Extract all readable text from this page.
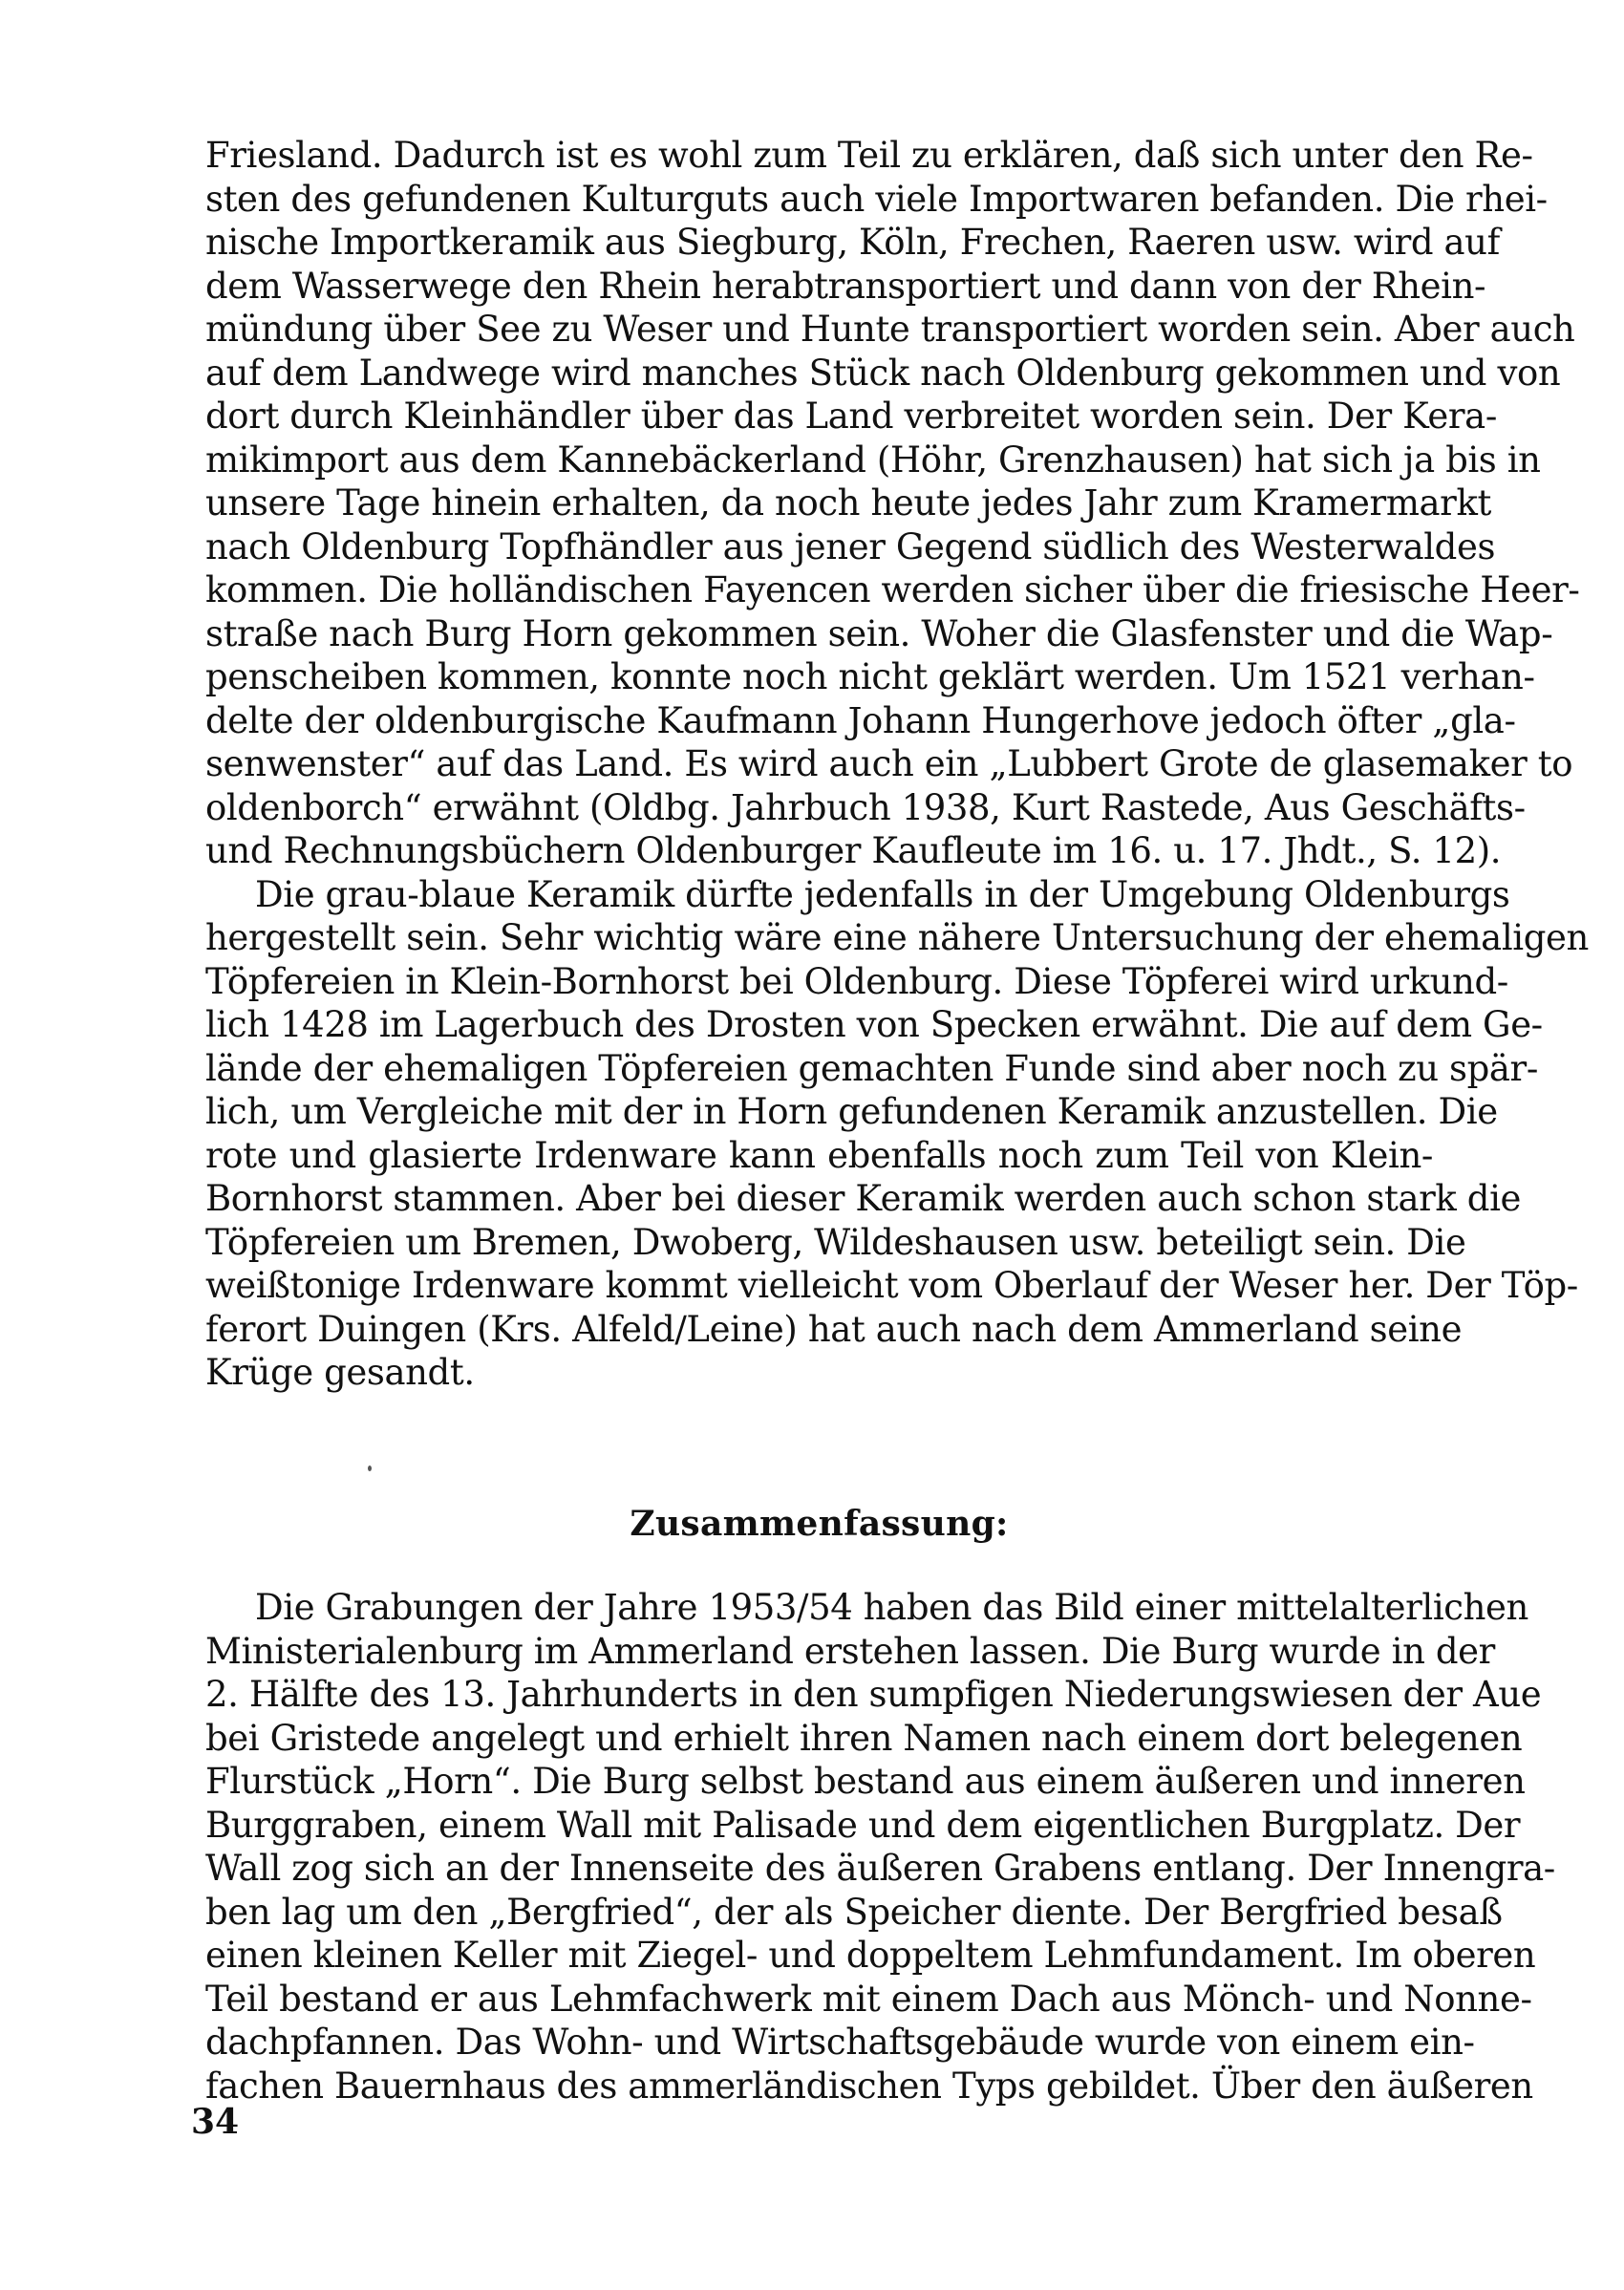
Friesland. Dadurch ist es wohl zum Teil zu erklären, daß sich unter den Re-
sten des gefundenen Kulturguts auch viele Importwaren befanden. Die rhei-
nische Importkeramik aus Siegburg, Köln, Frechen, Raeren usw. wird auf
dem Wasserwege den Rhein herabtransportiert und dann von der Rhein-
mündung über See zu Weser und Hunte transportiert worden sein. Aber auch
auf dem Landwege wird manches Stück nach Oldenburg gekommen und von
dort durch Kleinhändler über das Land verbreitet worden sein. Der Kera-
mikimport aus dem Kannebäckerland (Höhr, Grenzhausen) hat sich ja bis in
unsere Tage hinein erhalten, da noch heute jedes Jahr zum Kramermarkt
nach Oldenburg Topfhändler aus jener Gegend südlich des Westerwaldes
kommen. Die holländischen Fayencen werden sicher über die friesische Heer-
straße nach Burg Horn gekommen sein. Woher die Glasfenster und die Wap-
penscheiben kommen, konnte noch nicht geklärt werden. Um 1521 verhan-
delte der oldenburgische Kaufmann Johann Hungerhove jedoch öfter „gla-
senwenster“ auf das Land. Es wird auch ein „Lubbert Grote de glasemaker to
oldenborch“ erwähnt (Oldbg. Jahrbuch 1938, Kurt Rastede, Aus Geschäfts-
und Rechnungsbüchern Oldenburger Kaufleute im 16. u. 17. Jhdt., S. 12).
Die grau-blaue Keramik dürfte jedenfalls in der Umgebung Oldenburgs
hergestellt sein. Sehr wichtig wäre eine nähere Untersuchung der ehemaligen
Töpfereien in Klein-Bornhorst bei Oldenburg. Diese Töpferei wird urkund-
lich 1428 im Lagerbuch des Drosten von Specken erwähnt. Die auf dem Ge-
lände der ehemaligen Töpfereien gemachten Funde sind aber noch zu spär-
lich, um Vergleiche mit der in Horn gefundenen Keramik anzustellen. Die
rote und glasierte Irdenware kann ebenfalls noch zum Teil von Klein-
Bornhorst stammen. Aber bei dieser Keramik werden auch schon stark die
Töpfereien um Bremen, Dwoberg, Wildeshausen usw. beteiligt sein. Die
weißtonige Irdenware kommt vielleicht vom Oberlauf der Weser her. Der Töp-
ferort Duingen (Krs. Alfeld/Leine) hat auch nach dem Ammerland seine
Krüge gesandt.
Zusammenfassung:
Die Grabungen der Jahre 1953/54 haben das Bild einer mittelalterlichen
Ministerialenburg im Ammerland erstehen lassen. Die Burg wurde in der
2. Hälfte des 13. Jahrhunderts in den sumpfigen Niederungswiesen der Aue
bei Gristede angelegt und erhielt ihren Namen nach einem dort belegenen
Flurstück „Horn“. Die Burg selbst bestand aus einem äußeren und inneren
Burggraben, einem Wall mit Palisade und dem eigentlichen Burgplatz. Der
Wall zog sich an der Innenseite des äußeren Grabens entlang. Der Innengra-
ben lag um den „Bergfried“, der als Speicher diente. Der Bergfried besaß
einen kleinen Keller mit Ziegel- und doppeltem Lehmfundament. Im oberen
Teil bestand er aus Lehmfachwerk mit einem Dach aus Mönch- und Nonne-
dachpfannen. Das Wohn- und Wirtschaftsgebäude wurde von einem ein-
fachen Bauernhaus des ammerländischen Typs gebildet. Über den äußeren
34
